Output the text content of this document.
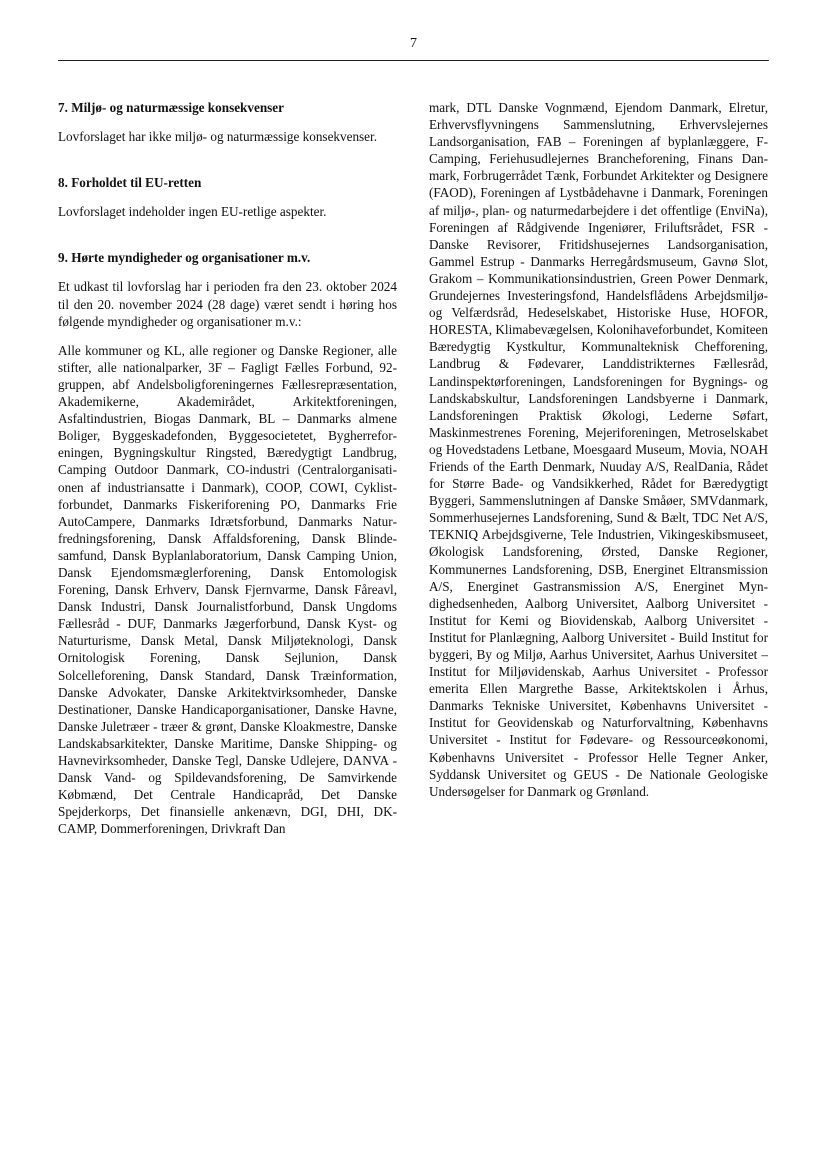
7
7. Miljø- og naturmæssige konsekvenser

Lovforslaget har ikke miljø- og naturmæssige konsekvenser.

8. Forholdet til EU-retten

Lovforslaget indeholder ingen EU-retlige aspekter.

9. Hørte myndigheder og organisationer m.v.

Et udkast til lovforslag har i perioden fra den 23. oktober 2024 til den 20. november 2024 (28 dage) været sendt i høring hos følgende myndigheder og organisationer m.v.:

Alle kommuner og KL, alle regioner og Danske Regioner, alle stifter, alle nationalparker, 3F – Fagligt Fælles Forbund, 92-gruppen, abf Andelsboligforeningernes Fællesrepræsentation, Akademikerne, Akademirådet, Arkitektforeningen, Asfaltindustrien, Biogas Danmark, BL – Danmarks almene Boliger, Byggeskadefonden, Byggesocietetet, Bygherreforeningen, Bygningskultur Ringsted, Bæredygtigt Landbrug, Camping Outdoor Danmark, CO-industri (Centralorganisationen af industriansatte i Danmark), COOP, COWI, Cyklistforbundet, Danmarks Fiskeriforening PO, Danmarks Frie AutoCampere, Danmarks Idrætsforbund, Danmarks Naturfredningsforening, Dansk Affaldsforening, Dansk Blindesamfund, Dansk Byplanlaboratorium, Dansk Camping Union, Dansk Ejendomsmæglerforening, Dansk Entomologisk Forening, Dansk Erhverv, Dansk Fjernvarme, Dansk Fåreavl, Dansk Industri, Dansk Journalistforbund, Dansk Ungdoms Fællesråd - DUF, Danmarks Jægerforbund, Dansk Kyst- og Naturturisme, Dansk Metal, Dansk Miljøteknologi, Dansk Ornitologisk Forening, Dansk Sejlunion, Dansk Solcelleforening, Dansk Standard, Dansk Træinformation, Danske Advokater, Danske Arkitektvirksomheder, Danske Destinationer, Danske Handicaporganisationer, Danske Havne, Danske Juletræer - træer & grønt, Danske Kloakmestre, Danske Landskabsarkitekter, Danske Maritime, Danske Shipping- og Havnevirksomheder, Danske Tegl, Danske Udlejere, DANVA - Dansk Vand- og Spildevandsforening, De Samvirkende Købmænd, Det Centrale Handicapråd, Det Danske Spejderkorps, Det finansielle ankenævn, DGI, DHI, DK-CAMP, Dommerforeningen, Drivkraft Dan

mark, DTL Danske Vognmænd, Ejendom Danmark, Elretur, Erhvervsflyvningens Sammenslutning, Erhvervslejernes Landsorganisation, FAB – Foreningen af byplanlæggere, F-Camping, Feriehusudlejernes Brancheforening, Finans Danmark, Forbrugerrådet Tænk, Forbundet Arkitekter og Designere (FAOD), Foreningen af Lystbådehavne i Danmark, Foreningen af miljø-, plan- og naturmedarbejdere i det offentlige (EnviNa), Foreningen af Rådgivende Ingeniører, Friluftsrådet, FSR - Danske Revisorer, Fritidshusejernes Landsorganisation, Gammel Estrup - Danmarks Herregårdsmuseum, Gavnø Slot, Grakom – Kommunikationsindustrien, Green Power Denmark, Grundejernes Investeringsfond, Handelsflådens Arbejdsmiljø- og Velfærdsråd, Hedeselskabet, Historiske Huse, HOFOR, HORESTA, Klimabevægelsen, Kolonihaveforbundet, Komiteen Bæredygtig Kystkultur, Kommunalteknisk Chefforening, Landbrug & Fødevarer, Landdistrikternes Fællesråd, Landinspektørforeningen, Landsforeningen for Bygnings- og Landskabskultur, Landsforeningen Landsbyerne i Danmark, Landsforeningen Praktisk Økologi, Lederne Søfart, Maskinmestrenes Forening, Mejeriforeningen, Metroselskabet og Hovedstadens Letbane, Moesgaard Museum, Movia, NOAH Friends of the Earth Denmark, Nuuday A/S, RealDania, Rådet for Større Bade- og Vandsikkerhed, Rådet for Bæredygtigt Byggeri, Sammenslutningen af Danske Småøer, SMVdanmark, Sommerhusejernes Landsforening, Sund & Bælt, TDC Net A/S, TEKNIQ Arbejdsgiverne, Tele Industrien, Vikingeskibsmuseet, Økologisk Landsforening, Ørsted, Danske Regioner, Kommunernes Landsforening, DSB, Energinet Eltransmission A/S, Energinet Gastransmission A/S, Energinet Myndighedsenheden, Aalborg Universitet, Aalborg Universitet - Institut for Kemi og Biovidenskab, Aalborg Universitet - Institut for Planlægning, Aalborg Universitet - Build Institut for byggeri, By og Miljø, Aarhus Universitet, Aarhus Universitet – Institut for Miljøvidenskab, Aarhus Universitet - Professor emerita Ellen Margrethe Basse, Arkitektskolen i Århus, Danmarks Tekniske Universitet, Københavns Universitet - Institut for Geovidenskab og Naturforvaltning, Københavns Universitet - Institut for Fødevare- og Ressourceøkonomi, Københavns Universitet - Professor Helle Tegner Anker, Syddansk Universitet og GEUS - De Nationale Geologiske Undersøgelser for Danmark og Grønland.
